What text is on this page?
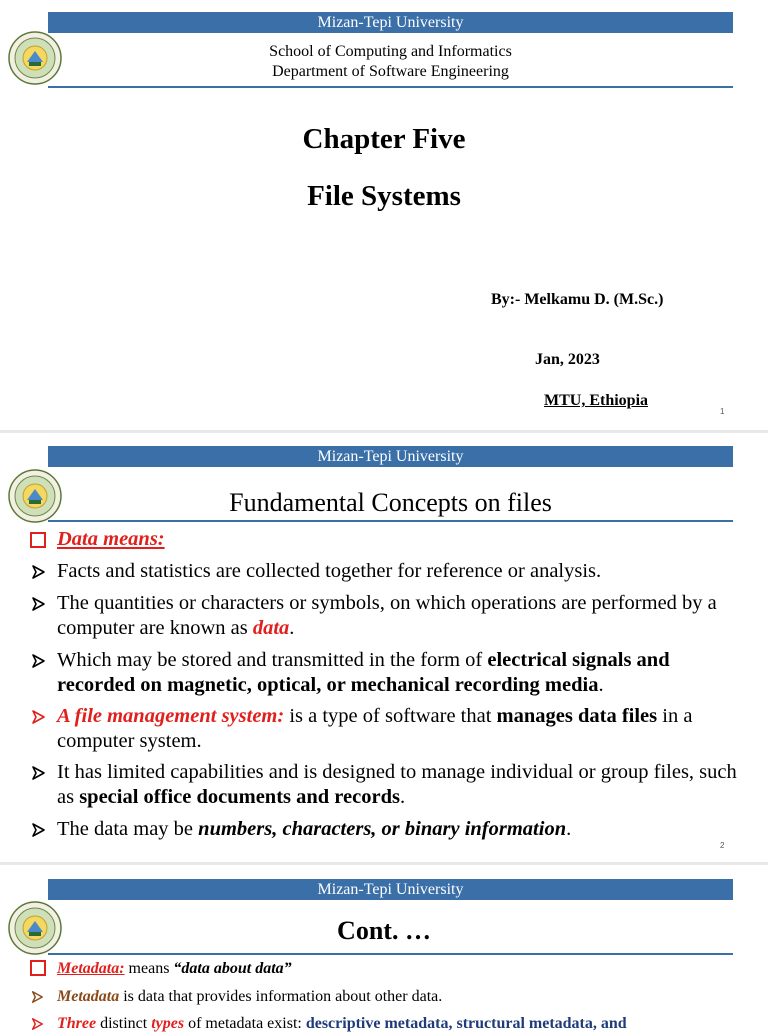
Mizan-Tepi University
School of Computing and Informatics
Department of Software Engineering
Chapter Five
File Systems
By:- Melkamu D. (M.Sc.)
Jan, 2023
MTU, Ethiopia
1
Mizan-Tepi University
Fundamental Concepts on files
Data means:
Facts and statistics are collected together for reference or analysis.
The quantities or characters or symbols, on which operations are performed by a computer are known as data.
Which may be stored and transmitted in the form of electrical signals and recorded on magnetic, optical, or mechanical recording media.
A file management system: is a type of software that manages data files in a computer system.
It has limited capabilities and is designed to manage individual or group files, such as special office documents and records.
The data may be numbers, characters, or binary information.
2
Mizan-Tepi University
Cont. …
Metadata: means “data about data”
Metadata is data that provides information about other data.
Three distinct types of metadata exist: descriptive metadata, structural metadata, and
